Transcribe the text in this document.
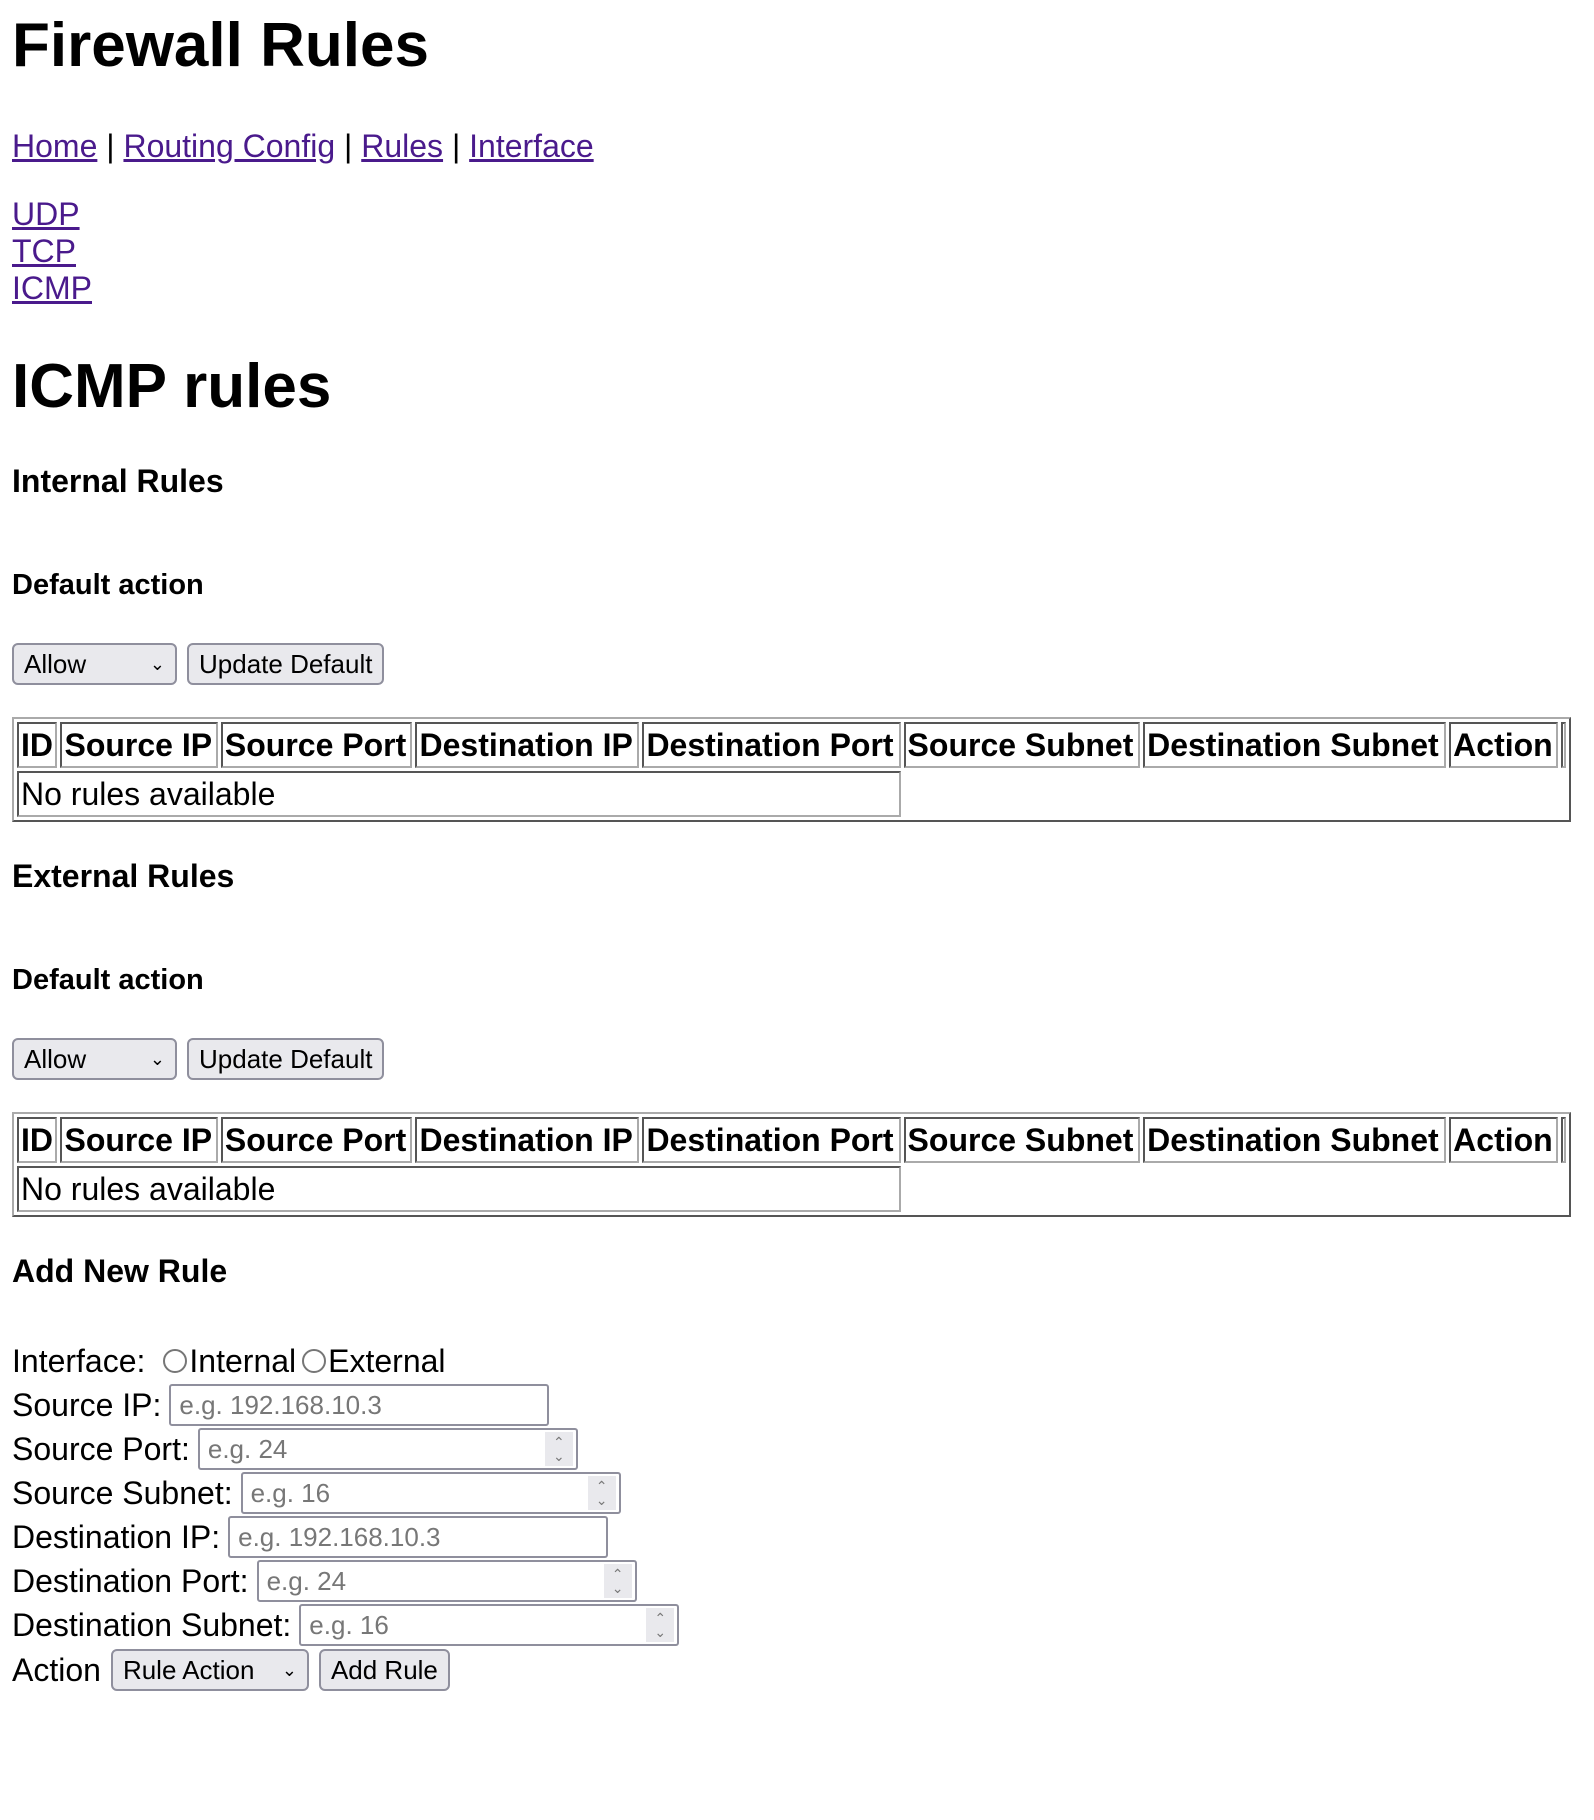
Firewall Rules
Home | Routing Config | Rules | Interface
UDP
TCP
ICMP
ICMP rules
Internal Rules
Default action
Allow	⌄	Update Default
ID	Source IP	Source Port	Destination IP	Destination Port	Source Subnet	Destination Subnet	Action	
No rules available
External Rules
Default action
Allow	⌄	Update Default
ID	Source IP	Source Port	Destination IP	Destination Port	Source Subnet	Destination Subnet	Action	
No rules available
Add New Rule
Interface: Internal External
Source IP: e.g. 192.168.10.3
Source Port: e.g. 24	⌃
⌄
Source Subnet: e.g. 16	⌃
⌄
Destination IP: e.g. 192.168.10.3
Destination Port: e.g. 24	⌃
⌄
Destination Subnet: e.g. 16	⌃
⌄
Action Rule Action ⌄	Add Rule
